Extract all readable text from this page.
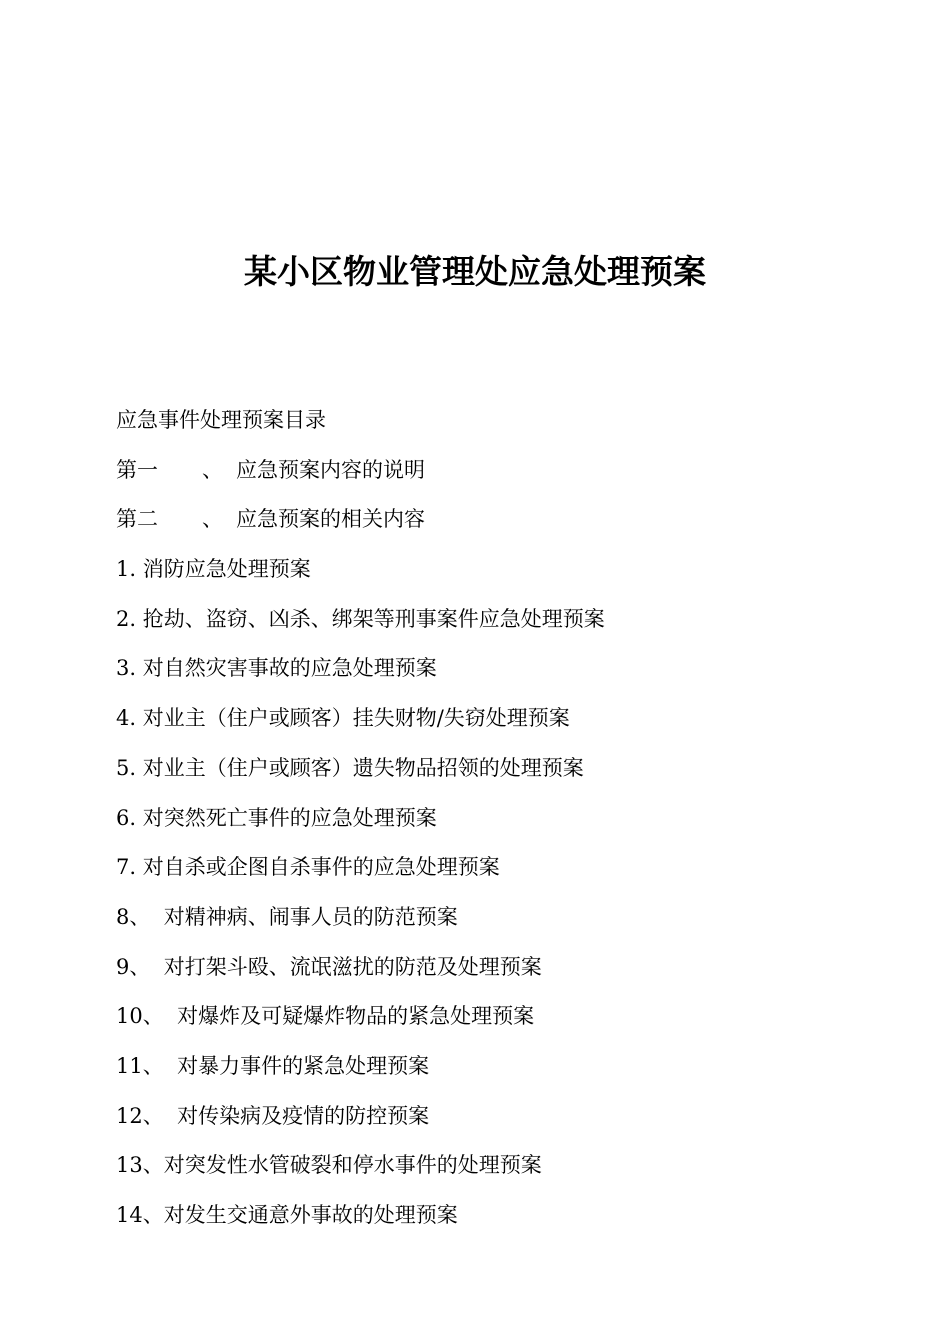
某小区物业管理处应急处理预案
应急事件处理预案目录
第一 、 应急预案内容的说明
第二 、 应急预案的相关内容
1. 消防应急处理预案
2. 抢劫、盗窃、凶杀、绑架等刑事案件应急处理预案
3. 对自然灾害事故的应急处理预案
4. 对业主（住户或顾客）挂失财物/失窃处理预案
5. 对业主（住户或顾客）遗失物品招领的处理预案
6. 对突然死亡事件的应急处理预案
7. 对自杀或企图自杀事件的应急处理预案
8、  对精神病、闹事人员的防范预案
9、  对打架斗殴、流氓滋扰的防范及处理预案
10、  对爆炸及可疑爆炸物品的紧急处理预案
11、  对暴力事件的紧急处理预案
12、  对传染病及疫情的防控预案
13、对突发性水管破裂和停水事件的处理预案
14、对发生交通意外事故的处理预案
